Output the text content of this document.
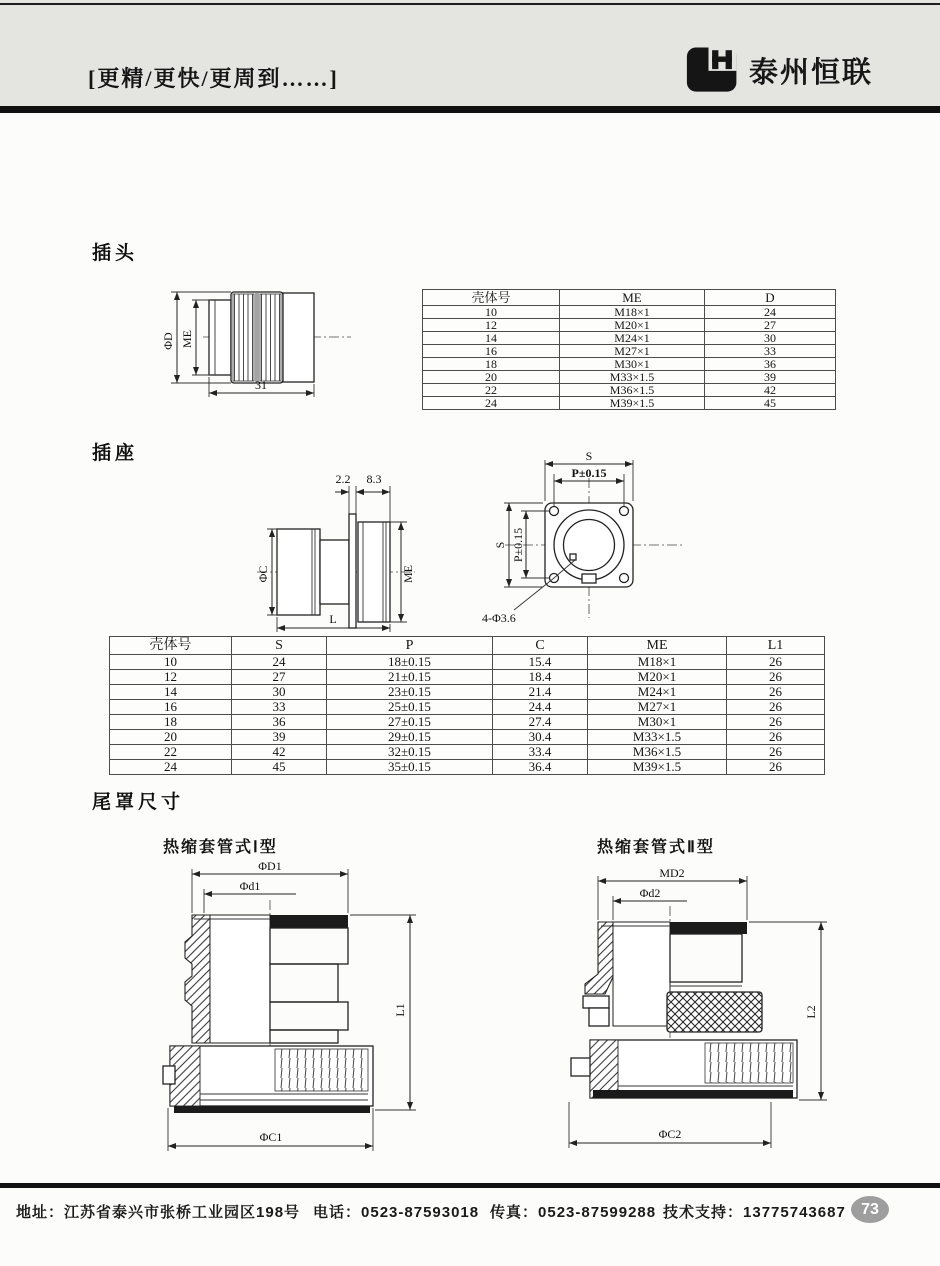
[更精/更快/更周到……]	泰州恒联
插头
ΦD ME
31
壳体号	ME	D
10	M18×1	24
12	M20×1	27
14	M24×1	30
16	M27×1	33
18	M30×1	36
20	M33×1.5	39
22	M36×1.5	42
24	M39×1.5	45
插座
2.2 8.3
ΦC	ME
L
S
P±0.15
S P±0.15
4-Φ3.6
壳体号	S	P	C	ME	L1
10	24	18±0.15	15.4	M18×1	26
12	27	21±0.15	18.4	M20×1	26
14	30	23±0.15	21.4	M24×1	26
16	33	25±0.15	24.4	M27×1	26
18	36	27±0.15	27.4	M30×1	26
20	39	29±0.15	30.4	M33×1.5	26
22	42	32±0.15	33.4	M36×1.5	26
24	45	35±0.15	36.4	M39×1.5	26
尾罩尺寸
热缩套管式Ⅰ型	热缩套管式Ⅱ型
ΦD1
Φd1
L1
ΦC1
MD2
Φd2
L2
ΦC2
地址：江苏省泰兴市张桥工业园区198号 电话：0523-87593018 传真：0523-87599288 技术支持：13775743687 73
